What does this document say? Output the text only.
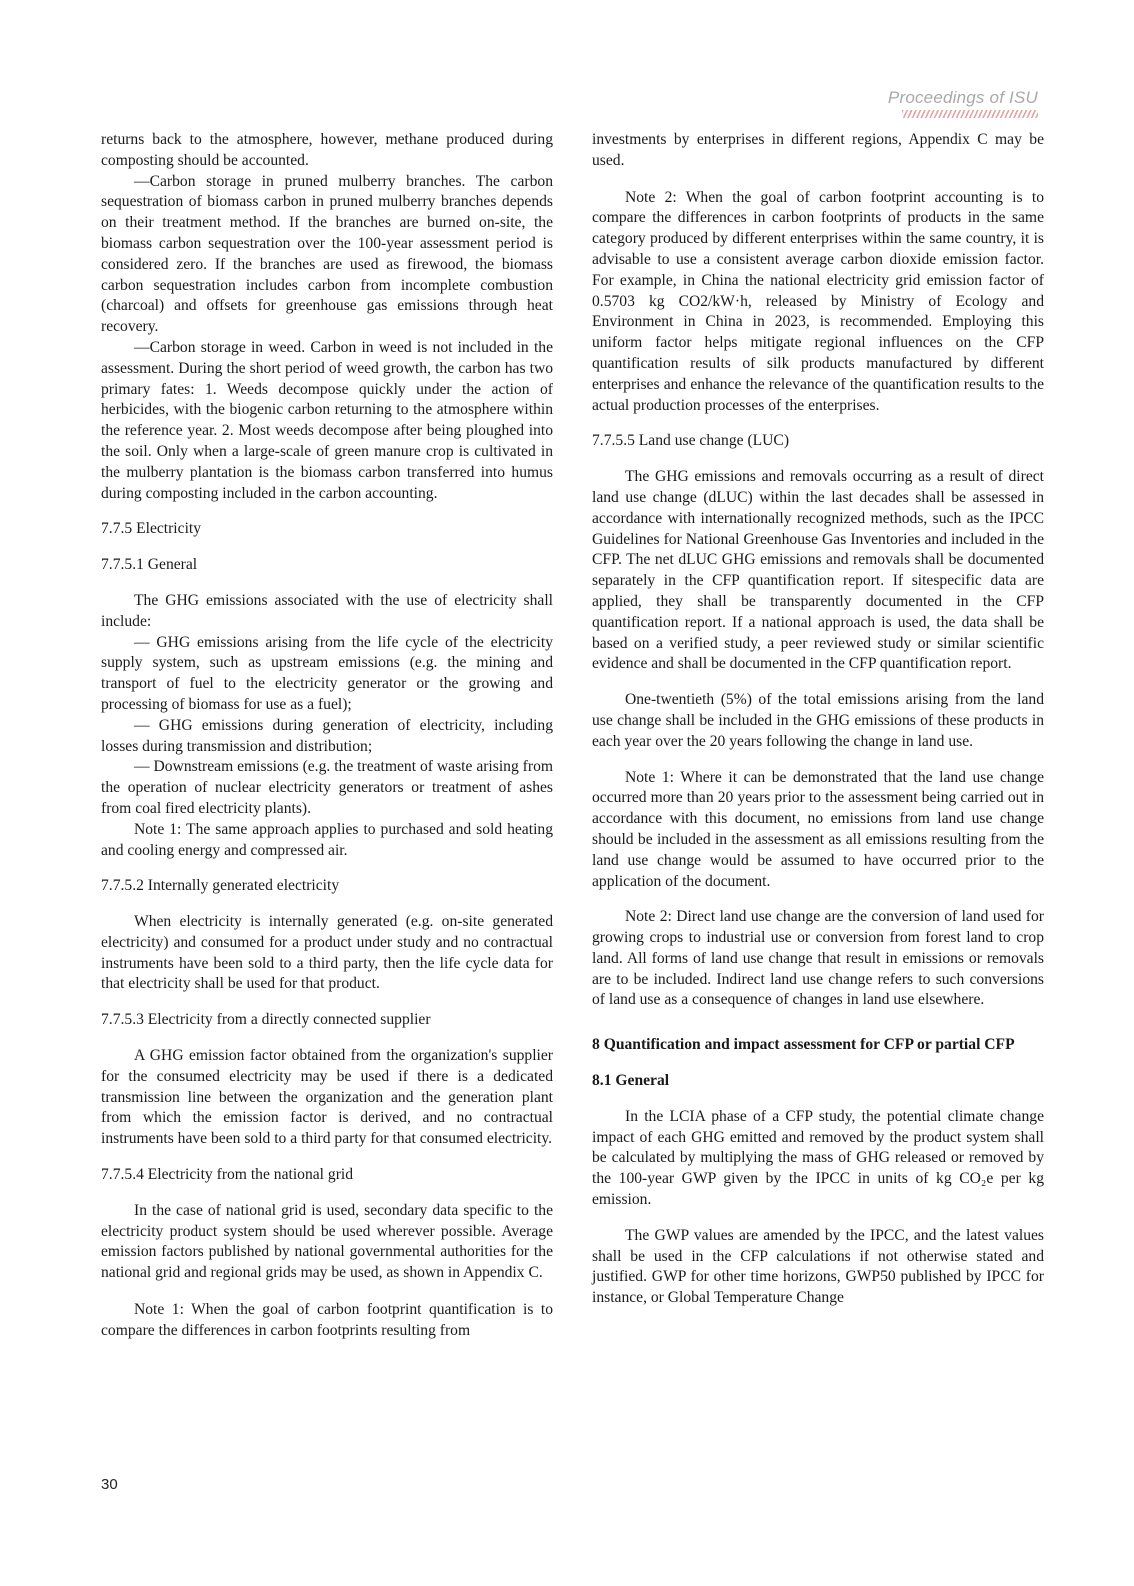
Proceedings of ISU

returns back to the atmosphere, however, methane produced during composting should be accounted.

—Carbon storage in pruned mulberry branches. The carbon sequestration of biomass carbon in pruned mulberry branches depends on their treatment method. If the branches are burned on-site, the biomass carbon sequestration over the 100-year assessment period is considered zero. If the branches are used as firewood, the biomass carbon sequestration includes carbon from incomplete combustion (charcoal) and offsets for greenhouse gas emissions through heat recovery.

—Carbon storage in weed. Carbon in weed is not included in the assessment. During the short period of weed growth, the carbon has two primary fates: 1. Weeds decompose quickly under the action of herbicides, with the biogenic carbon returning to the atmosphere within the reference year. 2. Most weeds decompose after being ploughed into the soil. Only when a large-scale of green manure crop is cultivated in the mulberry plantation is the biomass carbon transferred into humus during composting included in the carbon accounting.

7.7.5 Electricity
7.7.5.1 General

The GHG emissions associated with the use of electricity shall include:

— GHG emissions arising from the life cycle of the electricity supply system, such as upstream emissions (e.g. the mining and transport of fuel to the electricity generator or the growing and processing of biomass for use as a fuel);

— GHG emissions during generation of electricity, including losses during transmission and distribution;

— Downstream emissions (e.g. the treatment of waste arising from the operation of nuclear electricity generators or treatment of ashes from coal fired electricity plants).

Note 1: The same approach applies to purchased and sold heating and cooling energy and compressed air.

7.7.5.2 Internally generated electricity

When electricity is internally generated (e.g. on-site generated electricity) and consumed for a product under study and no contractual instruments have been sold to a third party, then the life cycle data for that electricity shall be used for that product.

7.7.5.3 Electricity from a directly connected supplier

A GHG emission factor obtained from the organization's supplier for the consumed electricity may be used if there is a dedicated transmission line between the organization and the generation plant from which the emission factor is derived, and no contractual instruments have been sold to a third party for that consumed electricity.

7.7.5.4 Electricity from the national grid

In the case of national grid is used, secondary data specific to the electricity product system should be used wherever possible. Average emission factors published by national governmental authorities for the national grid and regional grids may be used, as shown in Appendix C.

Note 1: When the goal of carbon footprint quantification is to compare the differences in carbon footprints resulting from

investments by enterprises in different regions, Appendix C may be used.

Note 2: When the goal of carbon footprint accounting is to compare the differences in carbon footprints of products in the same category produced by different enterprises within the same country, it is advisable to use a consistent average carbon dioxide emission factor. For example, in China the national electricity grid emission factor of 0.5703 kg CO2/kW·h, released by Ministry of Ecology and Environment in China in 2023, is recommended. Employing this uniform factor helps mitigate regional influences on the CFP quantification results of silk products manufactured by different enterprises and enhance the relevance of the quantification results to the actual production processes of the enterprises.

7.7.5.5 Land use change (LUC)

The GHG emissions and removals occurring as a result of direct land use change (dLUC) within the last decades shall be assessed in accordance with internationally recognized methods, such as the IPCC Guidelines for National Greenhouse Gas Inventories and included in the CFP. The net dLUC GHG emissions and removals shall be documented separately in the CFP quantification report. If sitespecific data are applied, they shall be transparently documented in the CFP quantification report. If a national approach is used, the data shall be based on a verified study, a peer reviewed study or similar scientific evidence and shall be documented in the CFP quantification report.

One-twentieth (5%) of the total emissions arising from the land use change shall be included in the GHG emissions of these products in each year over the 20 years following the change in land use.

Note 1: Where it can be demonstrated that the land use change occurred more than 20 years prior to the assessment being carried out in accordance with this document, no emissions from land use change should be included in the assessment as all emissions resulting from the land use change would be assumed to have occurred prior to the application of the document.

Note 2: Direct land use change are the conversion of land used for growing crops to industrial use or conversion from forest land to crop land. All forms of land use change that result in emissions or removals are to be included. Indirect land use change refers to such conversions of land use as a consequence of changes in land use elsewhere.

8 Quantification and impact assessment for CFP or partial CFP
8.1 General

In the LCIA phase of a CFP study, the potential climate change impact of each GHG emitted and removed by the product system shall be calculated by multiplying the mass of GHG released or removed by the 100-year GWP given by the IPCC in units of kg CO₂e per kg emission.

The GWP values are amended by the IPCC, and the latest values shall be used in the CFP calculations if not otherwise stated and justified. GWP for other time horizons, GWP50 published by IPCC for instance, or Global Temperature Change

30
